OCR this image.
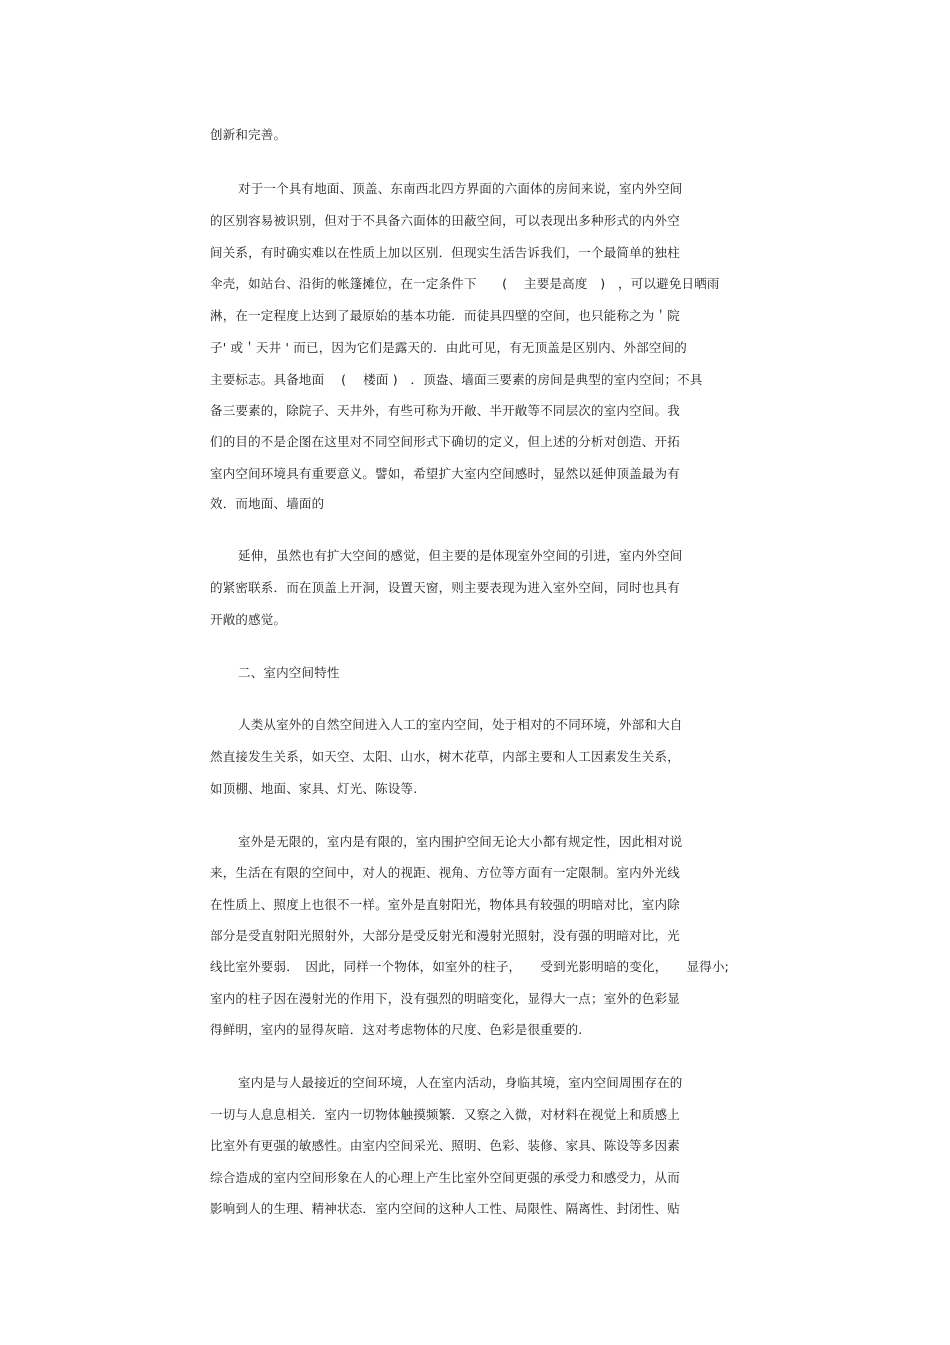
创新和完善。
对于一个具有地面、顶盖、东南西北四方界面的六面体的房间来说，室内外空间
的区别容易被识别，但对于不具备六面体的田蔽空间，可以表现出多种形式的内外空
间关系，有时确实难以在性质上加以区别．但现实生活告诉我们，一个最简单的独柱
伞壳，如站台、沿街的帐篷摊位，在一定条件下　　(　 主要是高度　)　，可以避免日晒雨
淋，在一定程度上达到了最原始的基本功能．而徒具四壁的空间，也只能称之为＇院
子' 或＇天井 ' 而已，因为它们是露天的．由此可见，有无顶盖是区别内、外部空间的
主要标志。具备地面　 (　 楼面 )　．顶盎、墙面三要素的房间是典型的室内空间；不具
备三要素的，除院子、天井外，有些可称为开敞、半开敞等不同层次的室内空间。我
们的目的不是企图在这里对不同空间形式下确切的定义，但上述的分析对创造、开拓
室内空间环境具有重要意义。譬如，希望扩大室内空间感时，显然以延伸顶盖最为有
效．而地面、墙面的
延伸，虽然也有扩大空间的感觉，但主要的是体现室外空间的引进，室内外空间
的紧密联系．而在顶盖上开洞，设置天窗，则主要表现为进入室外空间，同时也具有
开敞的感觉。
二、室内空间特性
人类从室外的自然空间进入人工的室内空间，处于相对的不同环境，外部和大自
然直接发生关系，如天空、太阳、山水，树木花草，内部主要和人工因素发生关系，
如顶棚、地面、家具、灯光、陈设等.
室外是无限的，室内是有限的，室内围护空间无论大小都有规定性，因此相对说
来，生活在有限的空间中，对人的视距、视角、方位等方面有一定限制。室内外光线
在性质上、照度上也很不一样。室外是直射阳光，物体具有较强的明暗对比，室内除
部分是受直射阳光照射外，大部分是受反射光和漫射光照射，没有强的明暗对比，光
线比室外要弱．　因此，同样一个物体，如室外的柱子，　　受到光影明暗的变化，　　显得小;
室内的柱子因在漫射光的作用下，没有强烈的明暗变化，显得大一点；室外的色彩显
得鲜明，室内的显得灰暗．这对考虑物体的尺度、色彩是很重要的.
室内是与人最接近的空间环境，人在室内活动，身临其境，室内空间周围存在的
一切与人息息相关．室内一切物体触摸频繁．又察之入微，对材料在视觉上和质感上
比室外有更强的敏感性。由室内空间采光、照明、色彩、装修、家具、陈设等多因素
综合造成的室内空间形象在人的心理上产生比室外空间更强的承受力和感受力，从而
影响到人的生理、精神状态．室内空间的这种人工性、局限性、隔离性、封闭性、贴
